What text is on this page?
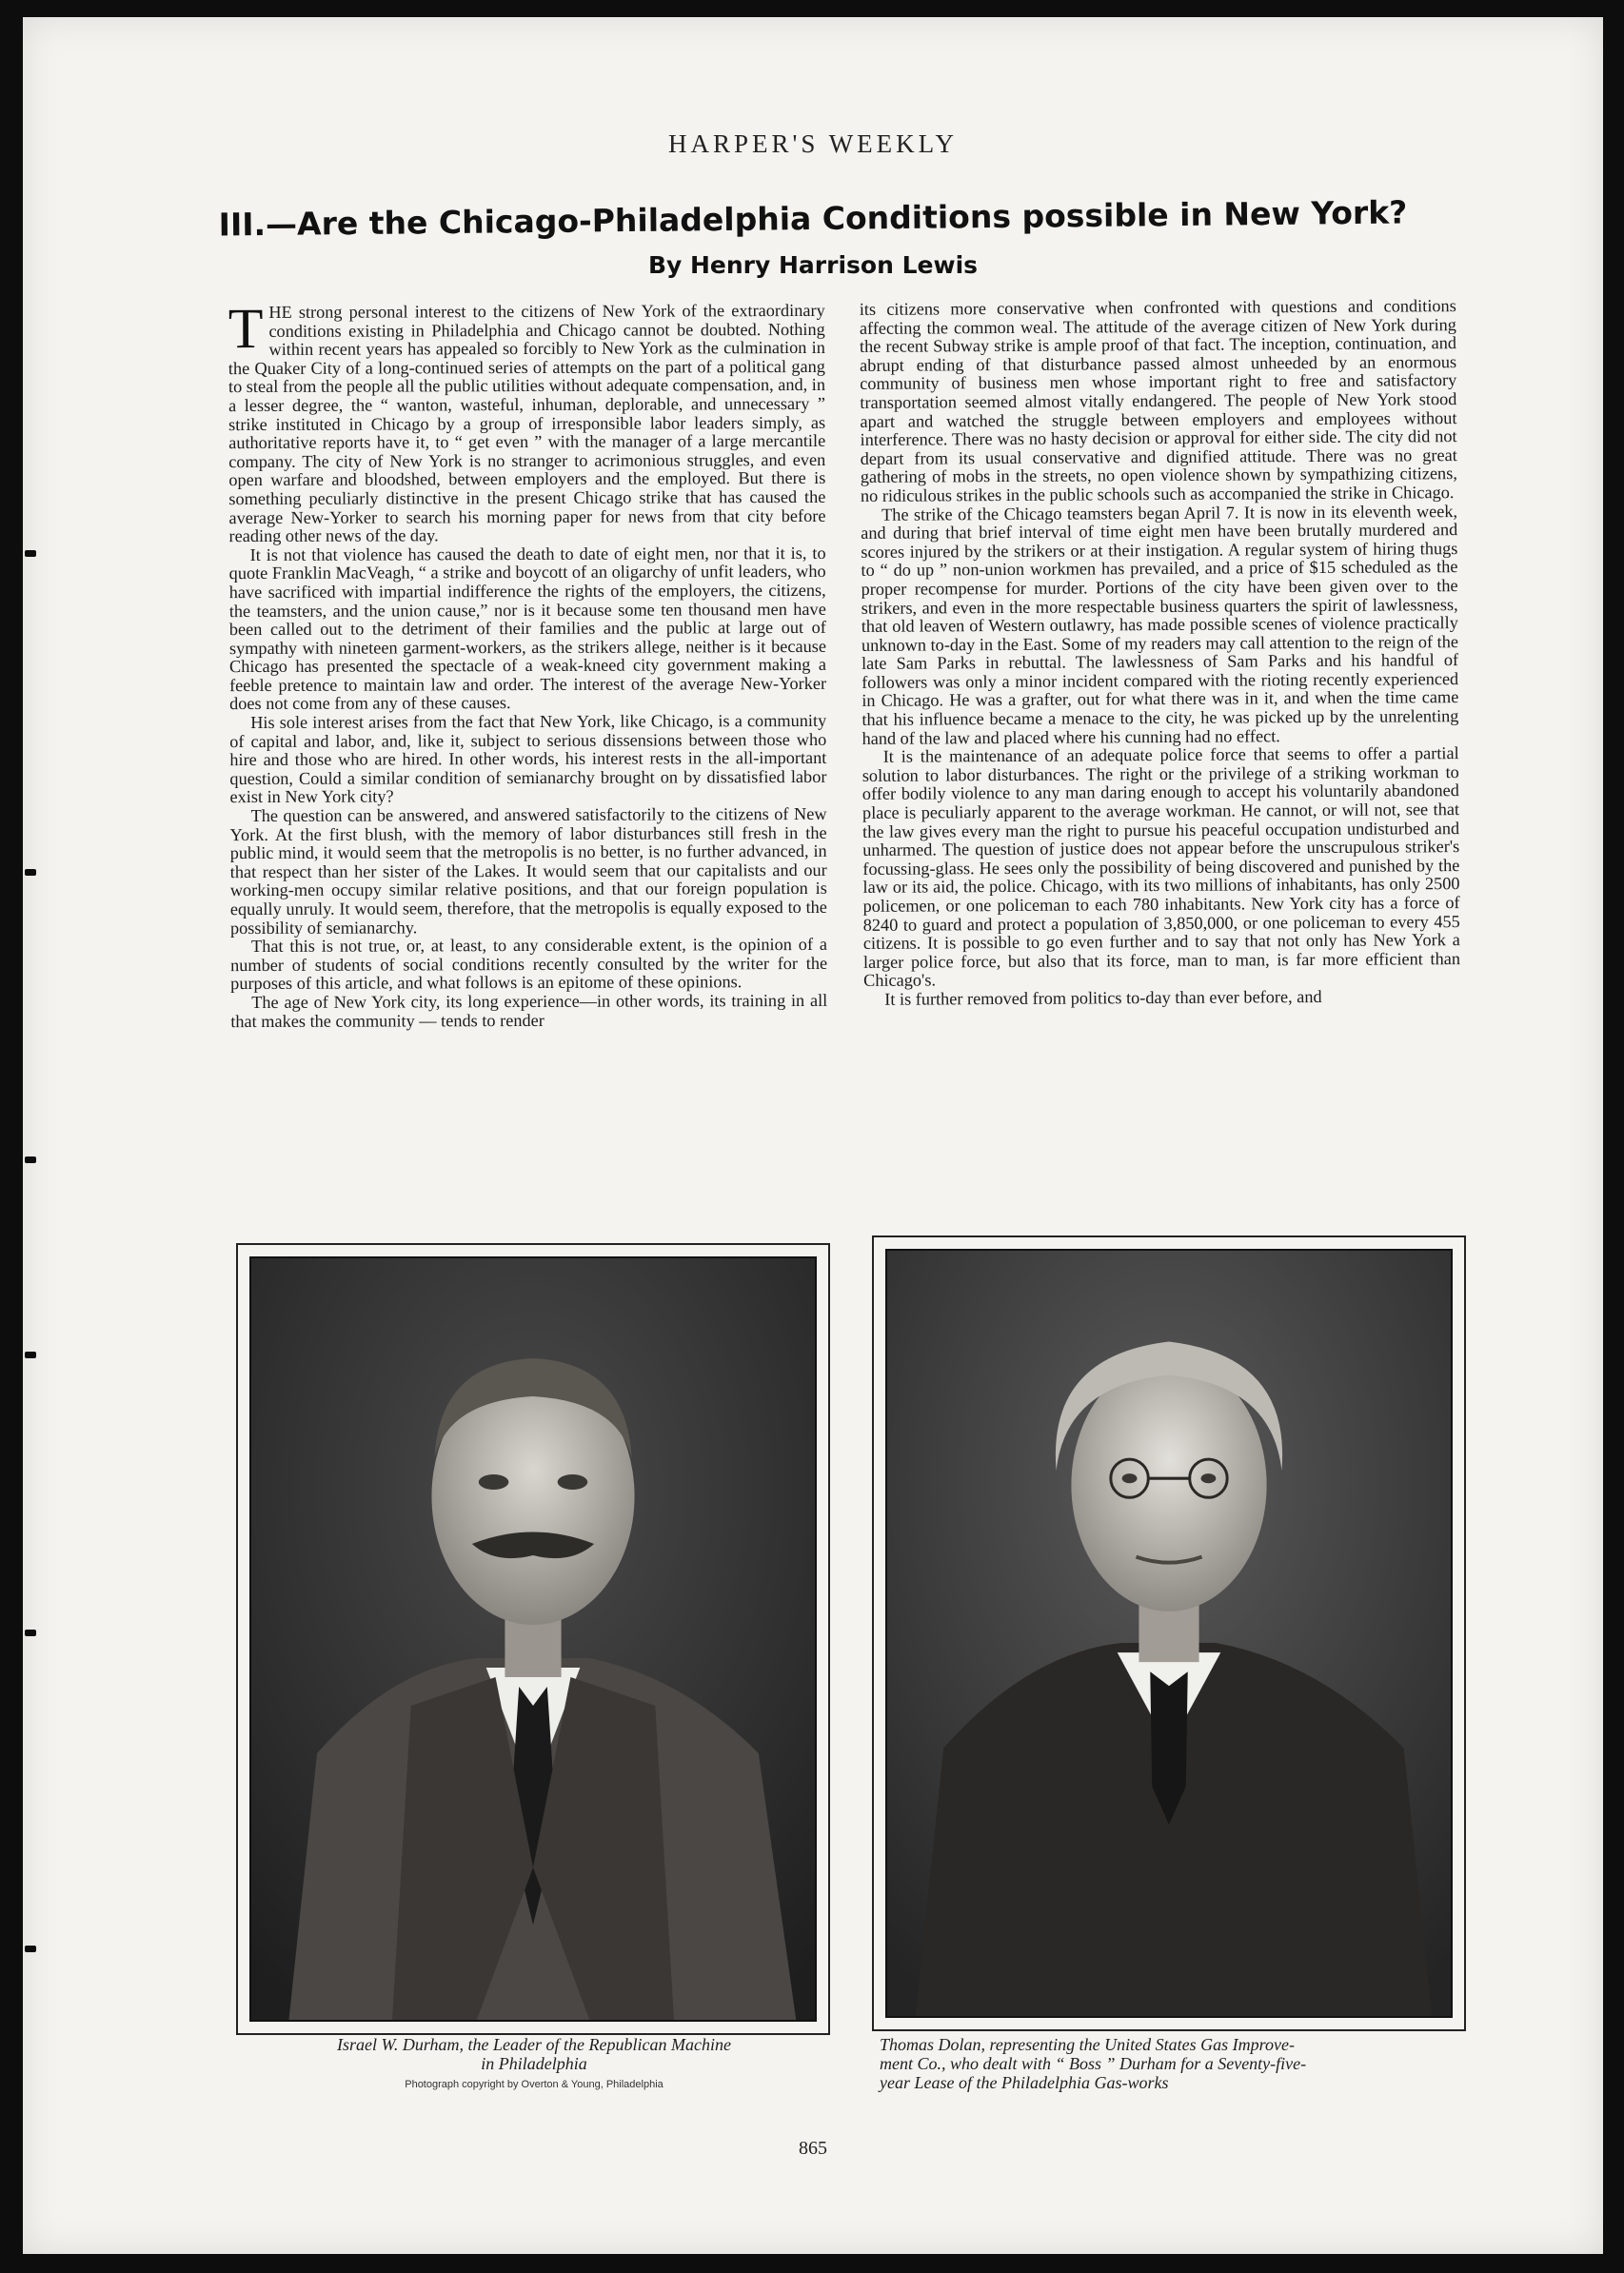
HARPER'S WEEKLY
III.—Are the Chicago-Philadelphia Conditions possible in New York?
By Henry Harrison Lewis

THE strong personal interest to the citizens of New York of the extraordinary conditions existing in Philadelphia and Chicago cannot be doubted. Nothing within recent years has appealed so forcibly to New York as the culmination in the Quaker City of a long-continued series of attempts on the part of a political gang to steal from the people all the public utilities without adequate compensation, and, in a lesser degree, the “ wanton, wasteful, inhuman, deplorable, and unnecessary ” strike instituted in Chicago by a group of irresponsible labor leaders simply, as authoritative reports have it, to “ get even ” with the manager of a large mercantile company. The city of New York is no stranger to acrimonious struggles, and even open warfare and bloodshed, between employers and the employed. But there is something peculiarly distinctive in the present Chicago strike that has caused the average New-Yorker to search his morning paper for news from that city before reading other news of the day.

It is not that violence has caused the death to date of eight men, nor that it is, to quote Franklin MacVeagh, “ a strike and boycott of an oligarchy of unfit leaders, who have sacrificed with impartial indifference the rights of the employers, the citizens, the teamsters, and the union cause,” nor is it because some ten thousand men have been called out to the detriment of their families and the public at large out of sympathy with nineteen garment-workers, as the strikers allege, neither is it because Chicago has presented the spectacle of a weak-kneed city government making a feeble pretence to maintain law and order. The interest of the average New-Yorker does not come from any of these causes.

His sole interest arises from the fact that New York, like Chicago, is a community of capital and labor, and, like it, subject to serious dissensions between those who hire and those who are hired. In other words, his interest rests in the all-important question, Could a similar condition of semianarchy brought on by dissatisfied labor exist in New York city?

The question can be answered, and answered satisfactorily to the citizens of New York. At the first blush, with the memory of labor disturbances still fresh in the public mind, it would seem that the metropolis is no better, is no further advanced, in that respect than her sister of the Lakes. It would seem that our capitalists and our working-men occupy similar relative positions, and that our foreign population is equally unruly. It would seem, therefore, that the metropolis is equally exposed to the possibility of semianarchy.

That this is not true, or, at least, to any considerable extent, is the opinion of a number of students of social conditions recently consulted by the writer for the purposes of this article, and what follows is an epitome of these opinions.

The age of New York city, its long experience—in other words, its training in all that makes the community — tends to render

its citizens more conservative when confronted with questions and conditions affecting the common weal. The attitude of the average citizen of New York during the recent Subway strike is ample proof of that fact. The inception, continuation, and abrupt ending of that disturbance passed almost unheeded by an enormous community of business men whose important right to free and satisfactory transportation seemed almost vitally endangered. The people of New York stood apart and watched the struggle between employers and employees without interference. There was no hasty decision or approval for either side. The city did not depart from its usual conservative and dignified attitude. There was no great gathering of mobs in the streets, no open violence shown by sympathizing citizens, no ridiculous strikes in the public schools such as accompanied the strike in Chicago.

The strike of the Chicago teamsters began April 7. It is now in its eleventh week, and during that brief interval of time eight men have been brutally murdered and scores injured by the strikers or at their instigation. A regular system of hiring thugs to “ do up ” non-union workmen has prevailed, and a price of $15 scheduled as the proper recompense for murder. Portions of the city have been given over to the strikers, and even in the more respectable business quarters the spirit of lawlessness, that old leaven of Western outlawry, has made possible scenes of violence practically unknown to-day in the East. Some of my readers may call attention to the reign of the late Sam Parks in rebuttal. The lawlessness of Sam Parks and his handful of followers was only a minor incident compared with the rioting recently experienced in Chicago. He was a grafter, out for what there was in it, and when the time came that his influence became a menace to the city, he was picked up by the unrelenting hand of the law and placed where his cunning had no effect.

It is the maintenance of an adequate police force that seems to offer a partial solution to labor disturbances. The right or the privilege of a striking workman to offer bodily violence to any man daring enough to accept his voluntarily abandoned place is peculiarly apparent to the average workman. He cannot, or will not, see that the law gives every man the right to pursue his peaceful occupation undisturbed and unharmed. The question of justice does not appear before the unscrupulous striker's focussing-glass. He sees only the possibility of being discovered and punished by the law or its aid, the police. Chicago, with its two millions of inhabitants, has only 2500 policemen, or one policeman to each 780 inhabitants. New York city has a force of 8240 to guard and protect a population of 3,850,000, or one policeman to every 455 citizens. It is possible to go even further and to say that not only has New York a larger police force, but also that its force, man to man, is far more efficient than Chicago's.

It is further removed from politics to-day than ever before, and

Israel W. Durham, the Leader of the Republican Machine
in Philadelphia
Photograph copyright by Overton & Young, Philadelphia
Thomas Dolan, representing the United States Gas Improve-
ment Co., who dealt with “ Boss ” Durham for a Seventy-five-
year Lease of the Philadelphia Gas-works
865
